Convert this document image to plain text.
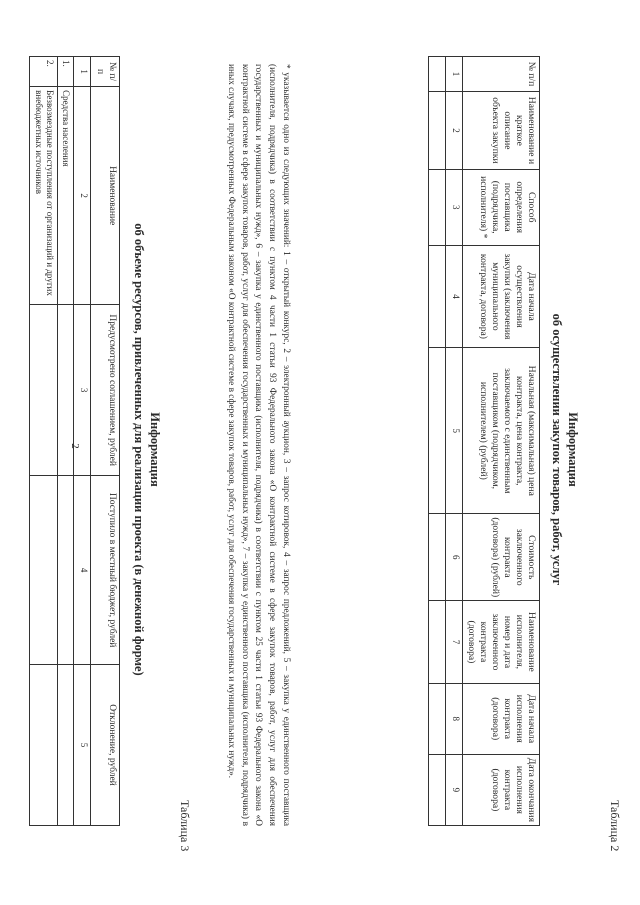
2
Таблица 2
Информация
об осуществлении закупок товаров, работ, услуг
№ п/п	Наименование и краткое описание объекта закупки	Способ определения поставщика (подрядчика, исполнителя) *	Дата начала осуществления закупки (заключения муниципального контракта, договора)	Начальная (максимальная) цена контракта, цена контракта, заключаемого с единственным поставщиком (подрядчиком, исполнителем) (рублей)	Стоимость заключенного контракта (договора) (рублей)	Наименование исполнителя, номер и дата заключенного контракта (договора)	Дата начала исполнения контракта (договора)	Дата окончания исполнения контракта (договора)
1	2	3	4	5	6	7	8	9

* указывается одно из следующих значений: 1 – открытый конкурс, 2 – электронный аукцион, 3 – запрос котировок, 4 – запрос предложений, 5 – закупка у единственного поставщика (исполнителя, подрядчика) в соответствии с пунктом 4 части 1 статьи 93 Федерального закона «О контрактной системе в сфере закупок товаров, работ, услуг для обеспечения государственных и муниципальных нужд», 6 – закупка у единственного поставщика (исполнителя, подрядчика) в соответствии с пунктом 25 части 1 статьи 93 Федерального закона «О контрактной системе в сфере закупок товаров, работ, услуг для обеспечения государственных и муниципальных нужд», 7 – закупка у единственного поставщика (исполнителя, подрядчика) в иных случаях, предусмотренных Федеральным законом «О контрактной системе в сфере закупок товаров, работ, услуг для обеспечения государственных и муниципальных нужд».
Таблица 3
Информация
об объеме ресурсов, привлеченных для реализации проекта (в денежной форме)
№ п/п	Наименование	Предусмотрено соглашением, рублей	Поступило в местный бюджет, рублей	Отклонение, рублей
1	2	3	4	5
1.	Средства населения			
2.	Безвозмездные поступления от организаций и других внебюджетных источников			
